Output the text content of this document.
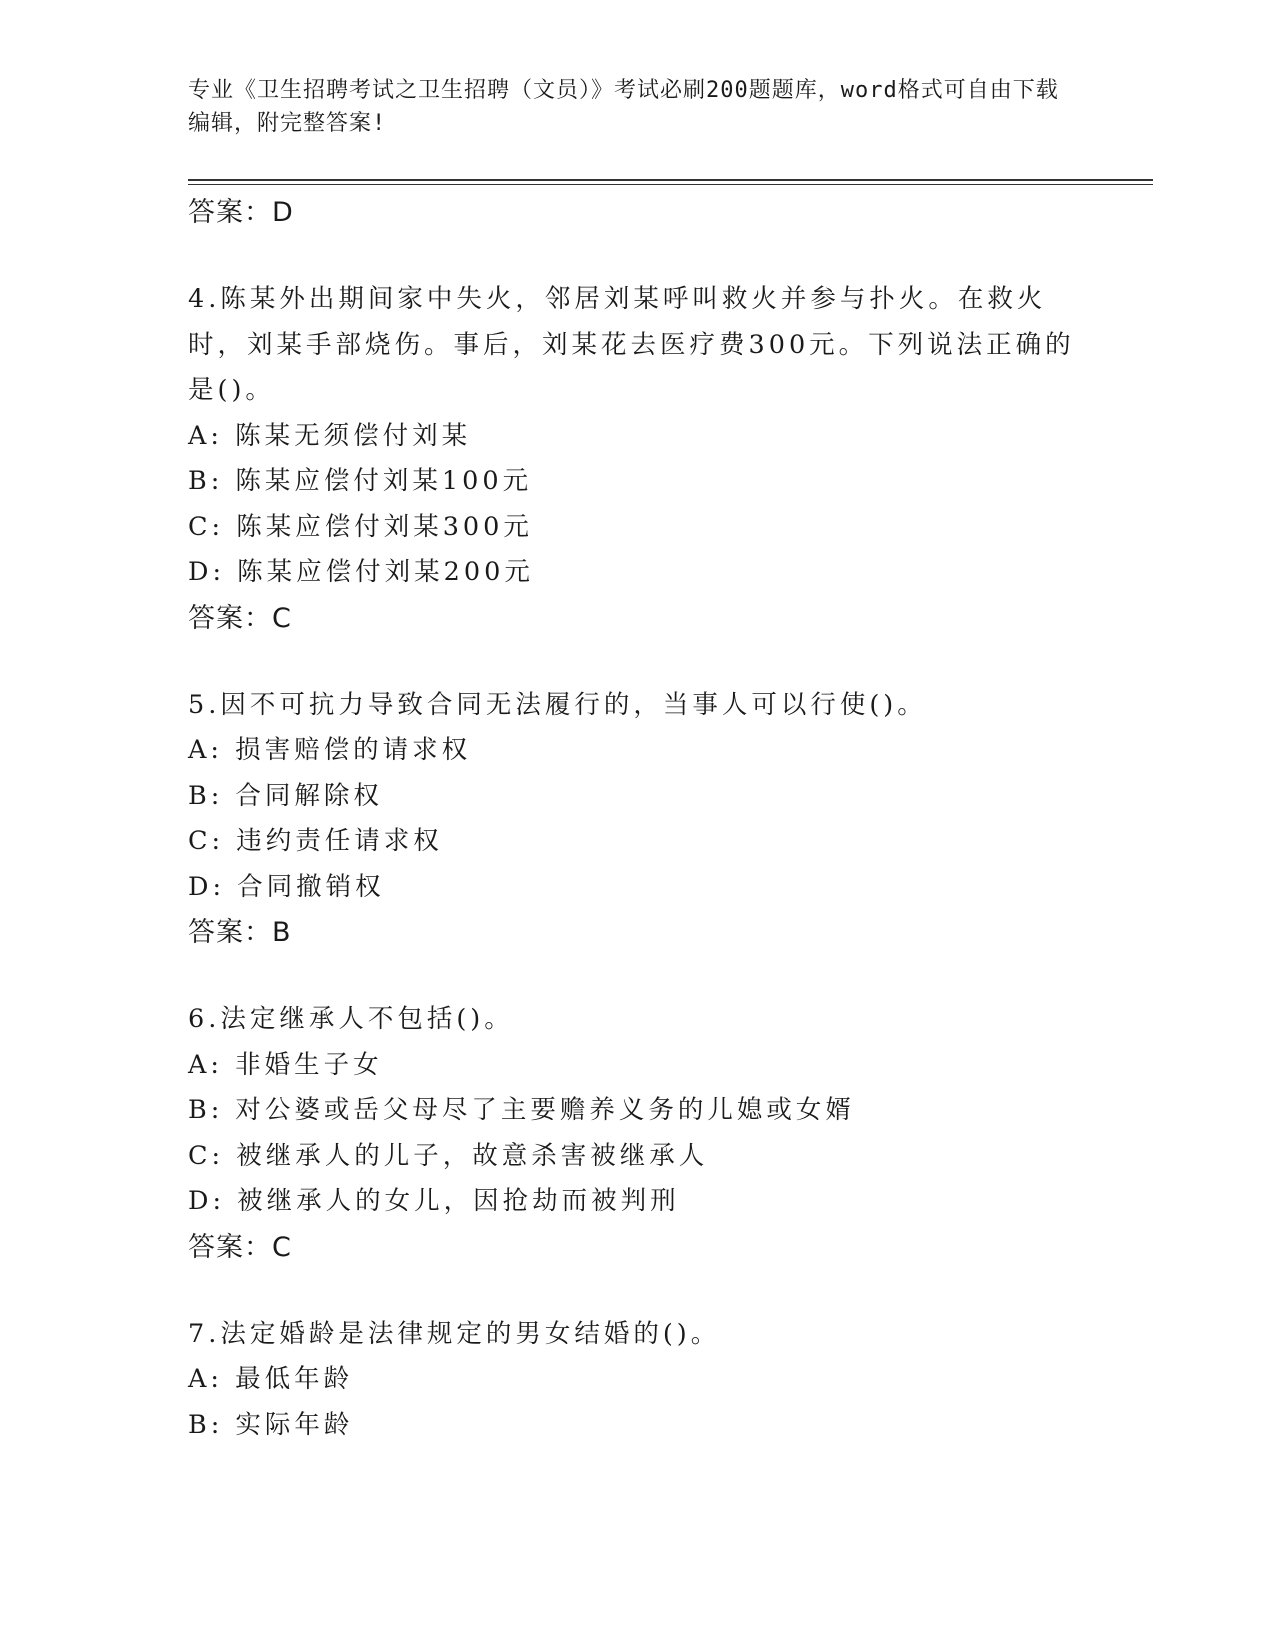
专业《卫生招聘考试之卫生招聘（文员）》考试必刷200题题库，word格式可自由下载编辑，附完整答案!
答案：D
4.陈某外出期间家中失火，邻居刘某呼叫救火并参与扑火。在救火时，刘某手部烧伤。事后，刘某花去医疗费300元。下列说法正确的是()。
A: 陈某无须偿付刘某
B: 陈某应偿付刘某100元
C: 陈某应偿付刘某300元
D: 陈某应偿付刘某200元
答案：C
5.因不可抗力导致合同无法履行的，当事人可以行使()。
A: 损害赔偿的请求权
B: 合同解除权
C: 违约责任请求权
D: 合同撤销权
答案：B
6.法定继承人不包括()。
A: 非婚生子女
B: 对公婆或岳父母尽了主要赡养义务的儿媳或女婿
C: 被继承人的儿子，故意杀害被继承人
D: 被继承人的女儿，因抢劫而被判刑
答案：C
7.法定婚龄是法律规定的男女结婚的()。
A: 最低年龄
B: 实际年龄
